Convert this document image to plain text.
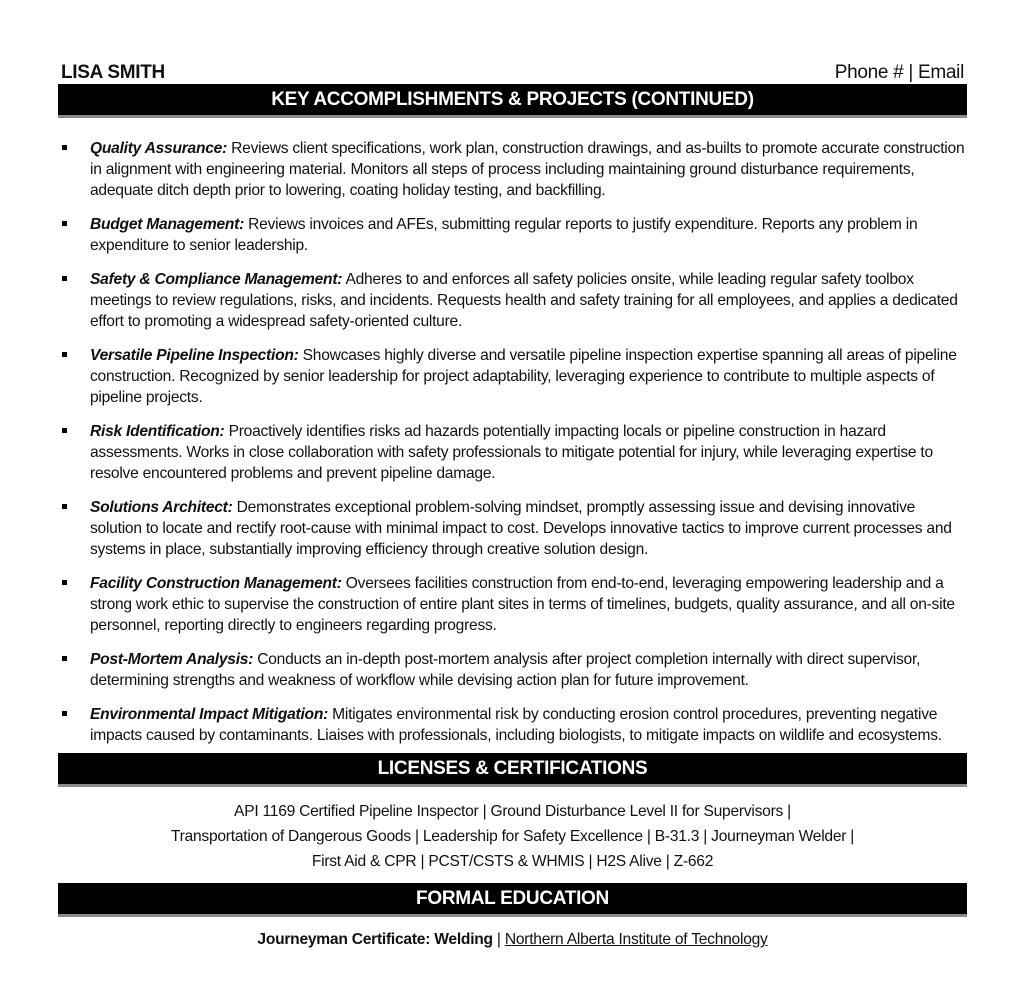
LISA SMITH	Phone # | Email
KEY ACCOMPLISHMENTS & PROJECTS (CONTINUED)
Quality Assurance: Reviews client specifications, work plan, construction drawings, and as-builts to promote accurate construction in alignment with engineering material. Monitors all steps of process including maintaining ground disturbance requirements, adequate ditch depth prior to lowering, coating holiday testing, and backfilling.
Budget Management: Reviews invoices and AFEs, submitting regular reports to justify expenditure. Reports any problem in expenditure to senior leadership.
Safety & Compliance Management: Adheres to and enforces all safety policies onsite, while leading regular safety toolbox meetings to review regulations, risks, and incidents. Requests health and safety training for all employees, and applies a dedicated effort to promoting a widespread safety-oriented culture.
Versatile Pipeline Inspection: Showcases highly diverse and versatile pipeline inspection expertise spanning all areas of pipeline construction. Recognized by senior leadership for project adaptability, leveraging experience to contribute to multiple aspects of pipeline projects.
Risk Identification: Proactively identifies risks ad hazards potentially impacting locals or pipeline construction in hazard assessments. Works in close collaboration with safety professionals to mitigate potential for injury, while leveraging expertise to resolve encountered problems and prevent pipeline damage.
Solutions Architect: Demonstrates exceptional problem-solving mindset, promptly assessing issue and devising innovative solution to locate and rectify root-cause with minimal impact to cost. Develops innovative tactics to improve current processes and systems in place, substantially improving efficiency through creative solution design.
Facility Construction Management: Oversees facilities construction from end-to-end, leveraging empowering leadership and a strong work ethic to supervise the construction of entire plant sites in terms of timelines, budgets, quality assurance, and all on-site personnel, reporting directly to engineers regarding progress.
Post-Mortem Analysis: Conducts an in-depth post-mortem analysis after project completion internally with direct supervisor, determining strengths and weakness of workflow while devising action plan for future improvement.
Environmental Impact Mitigation: Mitigates environmental risk by conducting erosion control procedures, preventing negative impacts caused by contaminants. Liaises with professionals, including biologists, to mitigate impacts on wildlife and ecosystems.
LICENSES & CERTIFICATIONS
API 1169 Certified Pipeline Inspector | Ground Disturbance Level II for Supervisors |
Transportation of Dangerous Goods | Leadership for Safety Excellence | B-31.3 | Journeyman Welder |
First Aid & CPR | PCST/CSTS & WHMIS | H2S Alive | Z-662
FORMAL EDUCATION
Journeyman Certificate: Welding | Northern Alberta Institute of Technology
